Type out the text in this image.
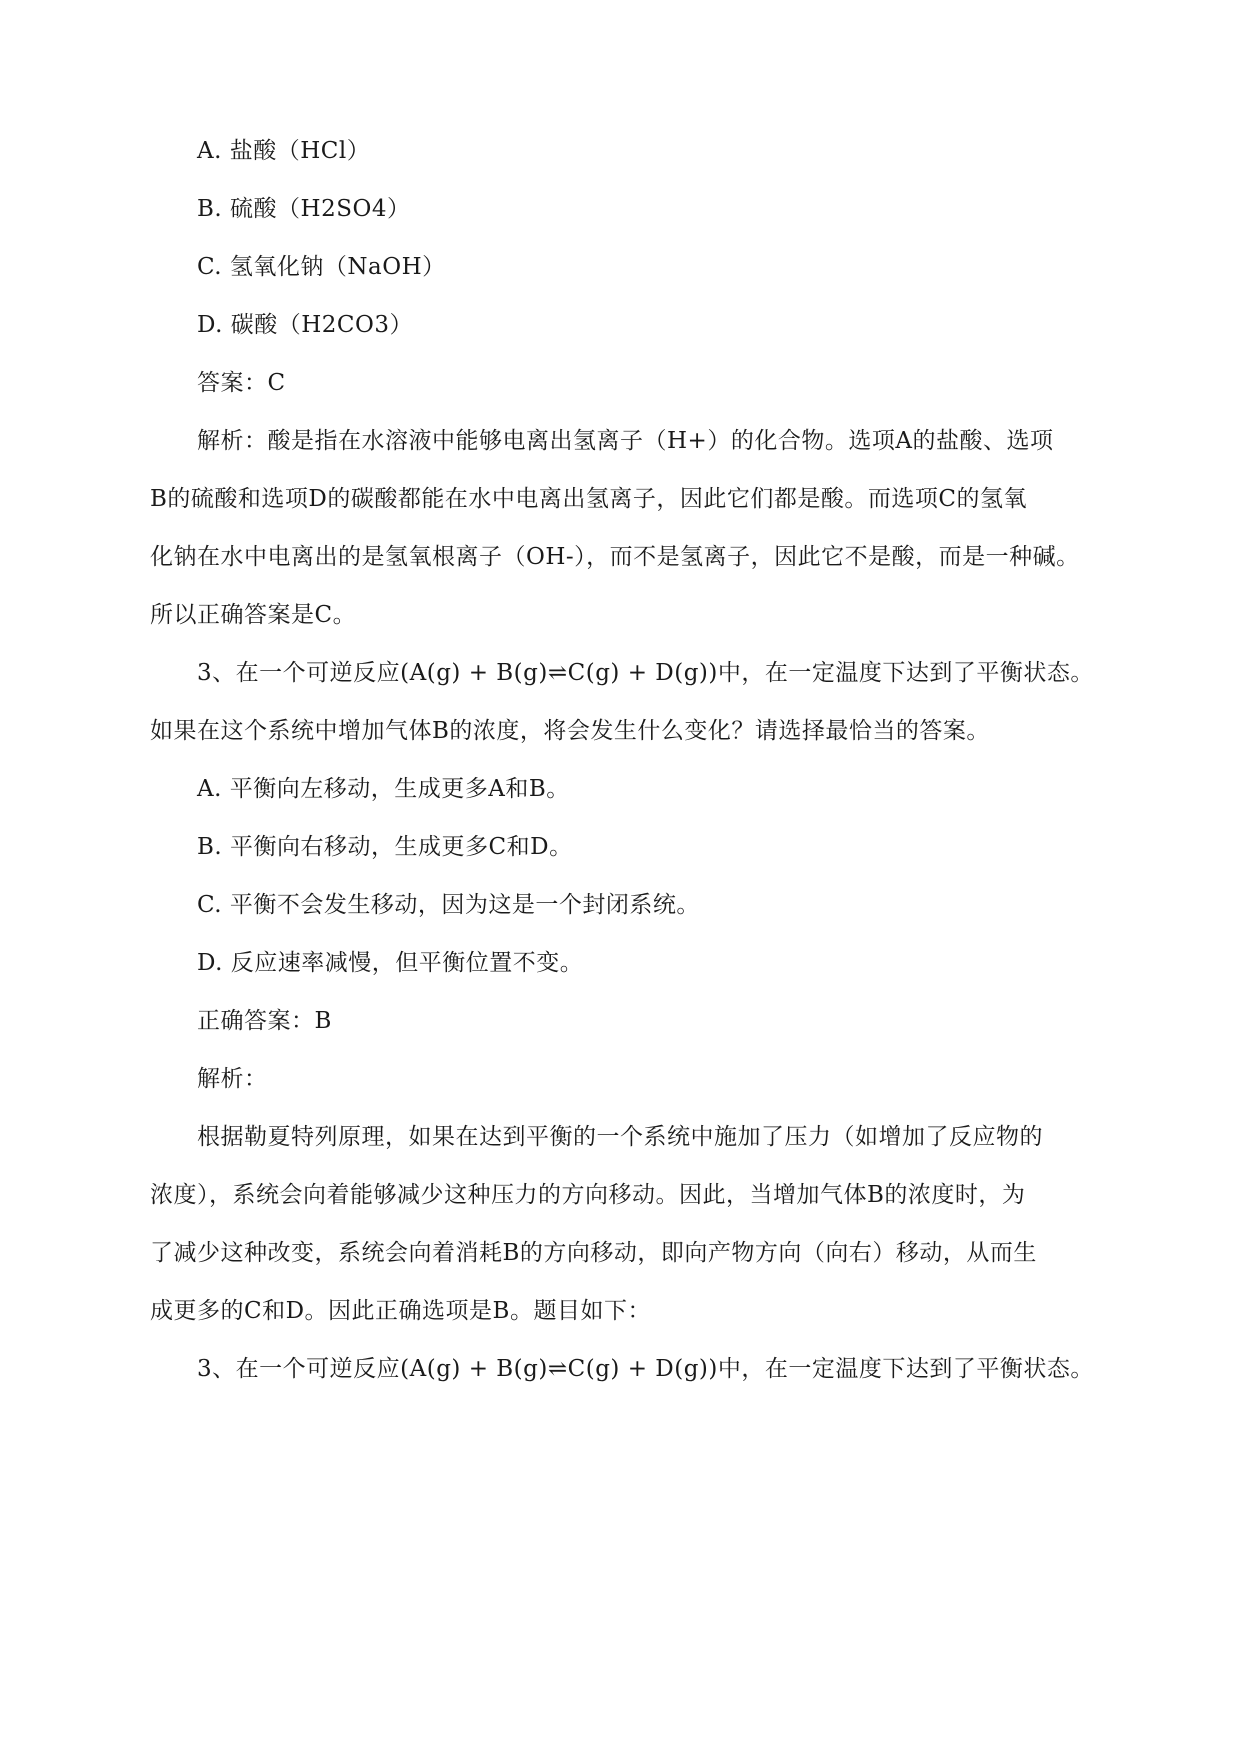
A. 盐酸（HCl）
B. 硫酸（H2SO4）
C. 氢氧化钠（NaOH）
D. 碳酸（H2CO3）
答案：C
解析：酸是指在水溶液中能够电离出氢离子（H+）的化合物。选项A的盐酸、选项
B的硫酸和选项D的碳酸都能在水中电离出氢离子，因此它们都是酸。而选项C的氢氧
化钠在水中电离出的是氢氧根离子（OH-），而不是氢离子，因此它不是酸，而是一种碱。
所以正确答案是C。
3、在一个可逆反应(A(g) + B(g)⇌C(g) + D(g))中，在一定温度下达到了平衡状态。
如果在这个系统中增加气体B的浓度，将会发生什么变化？请选择最恰当的答案。
A. 平衡向左移动，生成更多A和B。
B. 平衡向右移动，生成更多C和D。
C. 平衡不会发生移动，因为这是一个封闭系统。
D. 反应速率减慢，但平衡位置不变。
正确答案：B
解析：
根据勒夏特列原理，如果在达到平衡的一个系统中施加了压力（如增加了反应物的
浓度），系统会向着能够减少这种压力的方向移动。因此，当增加气体B的浓度时，为
了减少这种改变，系统会向着消耗B的方向移动，即向产物方向（向右）移动，从而生
成更多的C和D。因此正确选项是B。题目如下：
3、在一个可逆反应(A(g) + B(g)⇌C(g) + D(g))中，在一定温度下达到了平衡状态。
